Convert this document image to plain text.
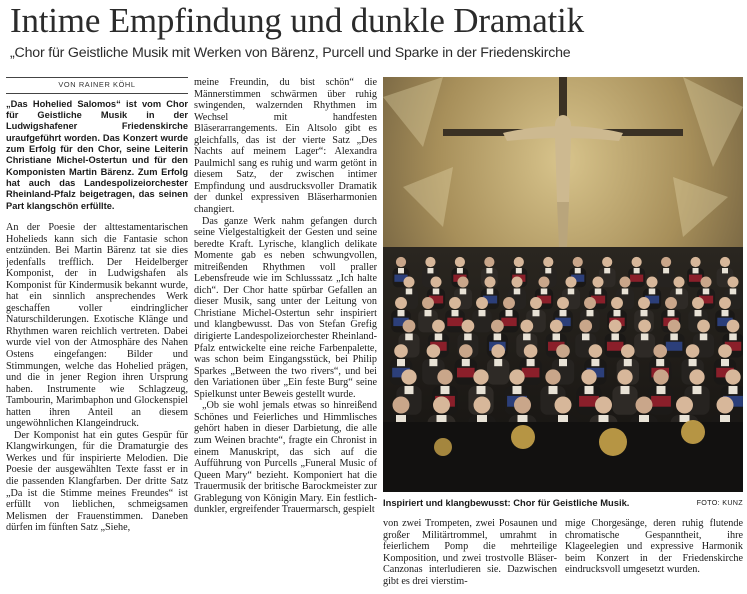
Intime Empfindung und dunkle Dramatik
„Chor für Geistliche Musik mit Werken von Bärenz, Purcell und Sparke in der Friedenskirche
VON RAINER KÖHL

„Das Hohelied Salomos“ ist vom Chor für Geistliche Musik in der Ludwigshafener Friedenskirche uraufgeführt worden. Das Konzert wurde zum Erfolg für den Chor, seine Leiterin Christiane Michel-Ostertun und für den Komponisten Martin Bärenz. Zum Erfolg hat auch das Landespolizeiorchester Rheinland-Pfalz beigetragen, das seinen Part klangschön erfüllte.

An der Poesie der alttestamentarischen Hohelieds kann sich die Fantasie schon entzünden. Bei Martin Bärenz tat sie dies jedenfalls trefflich. Der Heidelberger Komponist, der in Ludwigshafen als Komponist für Kindermusik bekannt wurde, hat ein sinnlich ansprechendes Werk geschaffen voller eindringlicher Naturschilderungen. Exotische Klänge und Rhythmen waren reichlich vertreten. Dabei wurde viel von der Atmosphäre des Nahen Ostens eingefangen: Bilder und Stimmungen, welche das Hohelied prägen, und die in jener Region ihren Ursprung haben. Instrumente wie Schlagzeug, Tambourin, Marimbaphon und Glockenspiel hatten ihren Anteil an diesem ungewöhnlichen Klangeindruck.

Der Komponist hat ein gutes Gespür für Klangwirkungen, für die Dramaturgie des Werkes und für inspirierte Melodien. Die Poesie der ausgewählten Texte fasst er in die passenden Klangfarben. Der dritte Satz „Da ist die Stimme meines Freundes“ ist erfüllt von lieblichen, schmeigsamen Melismen der Frauenstimmen. Daneben dürfen im fünften Satz „Siehe,

meine Freundin, du bist schön“ die Männerstimmen schwärmen über ruhig swingenden, walzernden Rhythmen im Wechsel mit handfesten Bläserarrangements. Ein Altsolo gibt es gleichfalls, das ist der vierte Satz „Des Nachts auf meinem Lager“: Alexandra Paulmichl sang es ruhig und warm getönt in diesem Satz, der zwischen intimer Empfindung und ausdrucksvoller Dramatik der dunkel expressiven Bläserharmonien changiert.

Das ganze Werk nahm gefangen durch seine Vielgestaltigkeit der Gesten und seine beredte Kraft. Lyrische, klanglich delikate Momente gab es neben schwungvollen, mitreißenden Rhythmen voll praller Lebensfreude wie im Schlusssatz „Ich halte dich“. Der Chor hatte spürbar Gefallen an dieser Musik, sang unter der Leitung von Christiane Michel-Ostertun sehr inspiriert und klangbewusst. Das von Stefan Grefig dirigierte Landespolizeiorchester Rheinland-Pfalz entwickelte eine reiche Farbenpalette, was schon beim Eingangsstück, bei Philip Sparkes „Between the two rivers“, und bei den Variationen über „Ein feste Burg“ seine Spielkunst unter Beweis gestellt wurde.

„Ob sie wohl jemals etwas so hinreißend Schönes und Feierliches und Himmlisches gehört haben in dieser Darbietung, die alle zum Weinen brachte“, fragte ein Chronist in einem Manuskript, das sich auf die Aufführung von Purcells „Funeral Music of Queen Mary“ bezieht. Komponiert hat die Trauermusik der britische Barockmeister zur Grablegung von Königin Mary. Ein festlich-dunkler, ergreifender Trauermarsch, gespielt

Inspiriert und klangbewusst: Chor für Geistliche Musik.	FOTO: KUNZ

von zwei Trompeten, zwei Posaunen und großer Militärtrommel, umrahmt in feierlichem Pomp die mehrteilige Komposition, und zwei trostvolle Bläser-Canzonas interludieren sie. Dazwischen gibt es drei vierstim-

mige Chorgesänge, deren ruhig flutende chromatische Gespanntheit, ihre Klageelegien und expressive Harmonik beim Konzert in der Friedenskirche eindrucksvoll umgesetzt wurden.
